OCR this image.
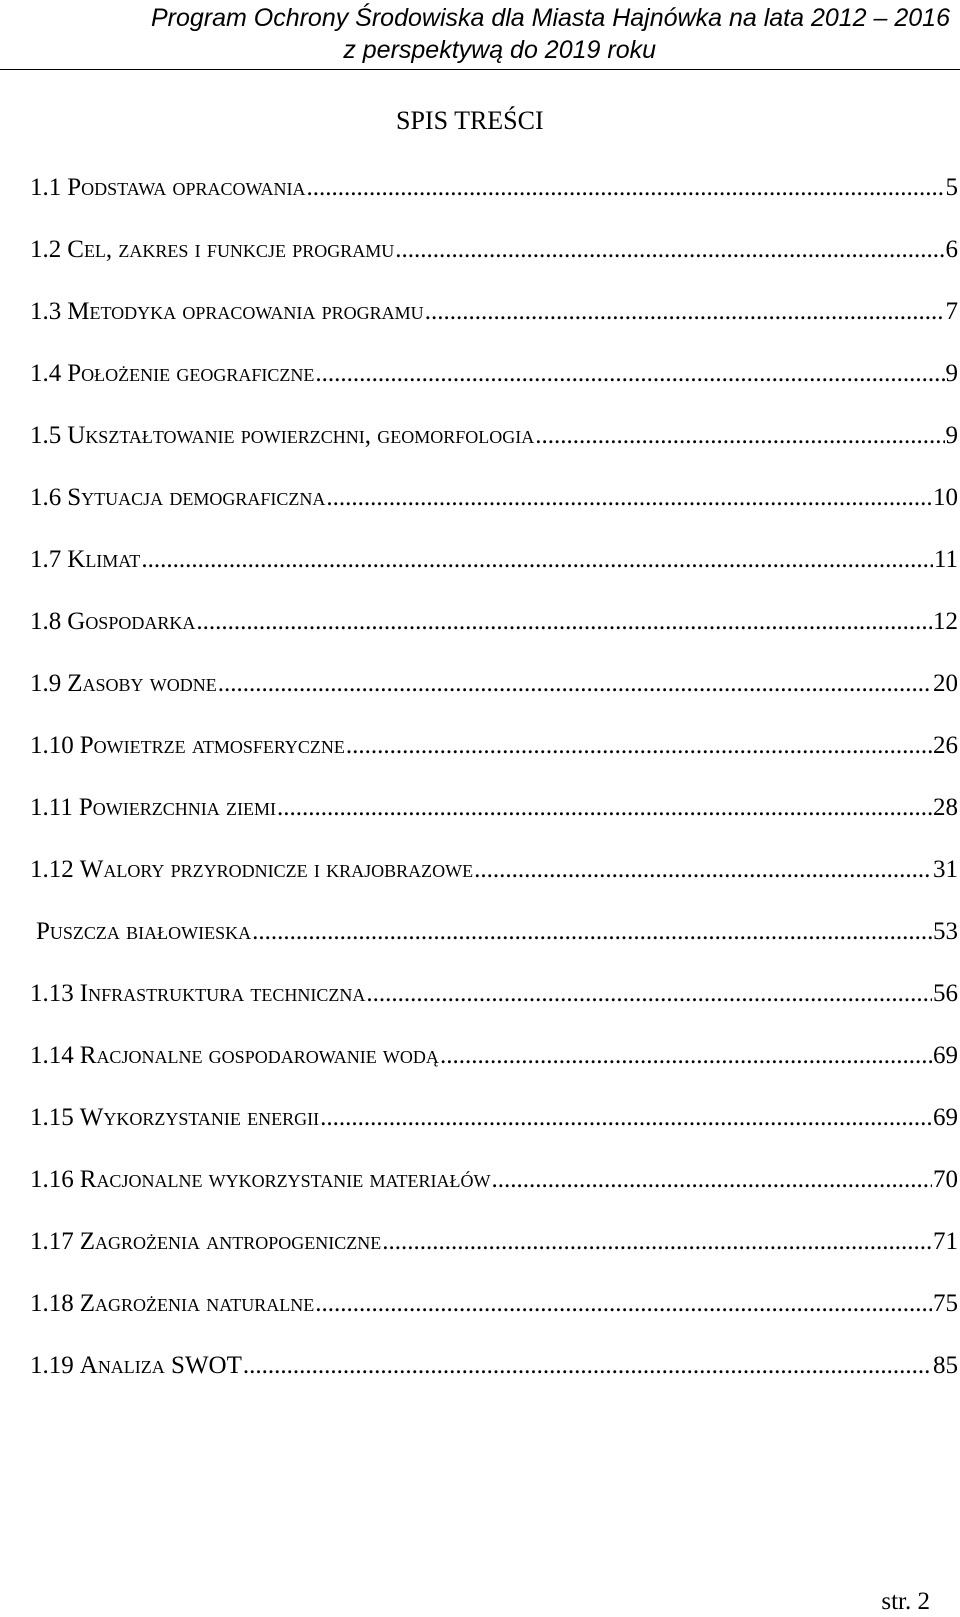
Program Ochrony Środowiska dla Miasta Hajnówka na lata 2012 – 2016
z perspektywą do 2019 roku
SPIS TREŚCI
1.1 podstawa opracowania .....	5
1.2 cel, zakres i funkcje programu .....	6
1.3 metodyka opracowania programu .....	7
1.4 położenie geograficzne .....	9
1.5 ukształtowanie powierzchni, geomorfologia .....	9
1.6 sytuacja demograficzna .....	10
1.7 klimat .....	11
1.8 gospodarka .....	12
1.9 zasoby wodne .....	20
1.10 powietrze atmosferyczne .....	26
1.11 powierzchnia ziemi .....	28
1.12 walory przyrodnicze i krajobrazowe .....	31
Puszcza białowieska .....	53
1.13 infrastruktura techniczna .....	56
1.14 racjonalne gospodarowanie wodą .....	69
1.15 wykorzystanie energii .....	69
1.16 racjonalne wykorzystanie materiałów .....	70
1.17 zagrożenia antropogeniczne .....	71
1.18 zagrożenia naturalne .....	75
1.19 analiza SWOT .....	85
str. 2
